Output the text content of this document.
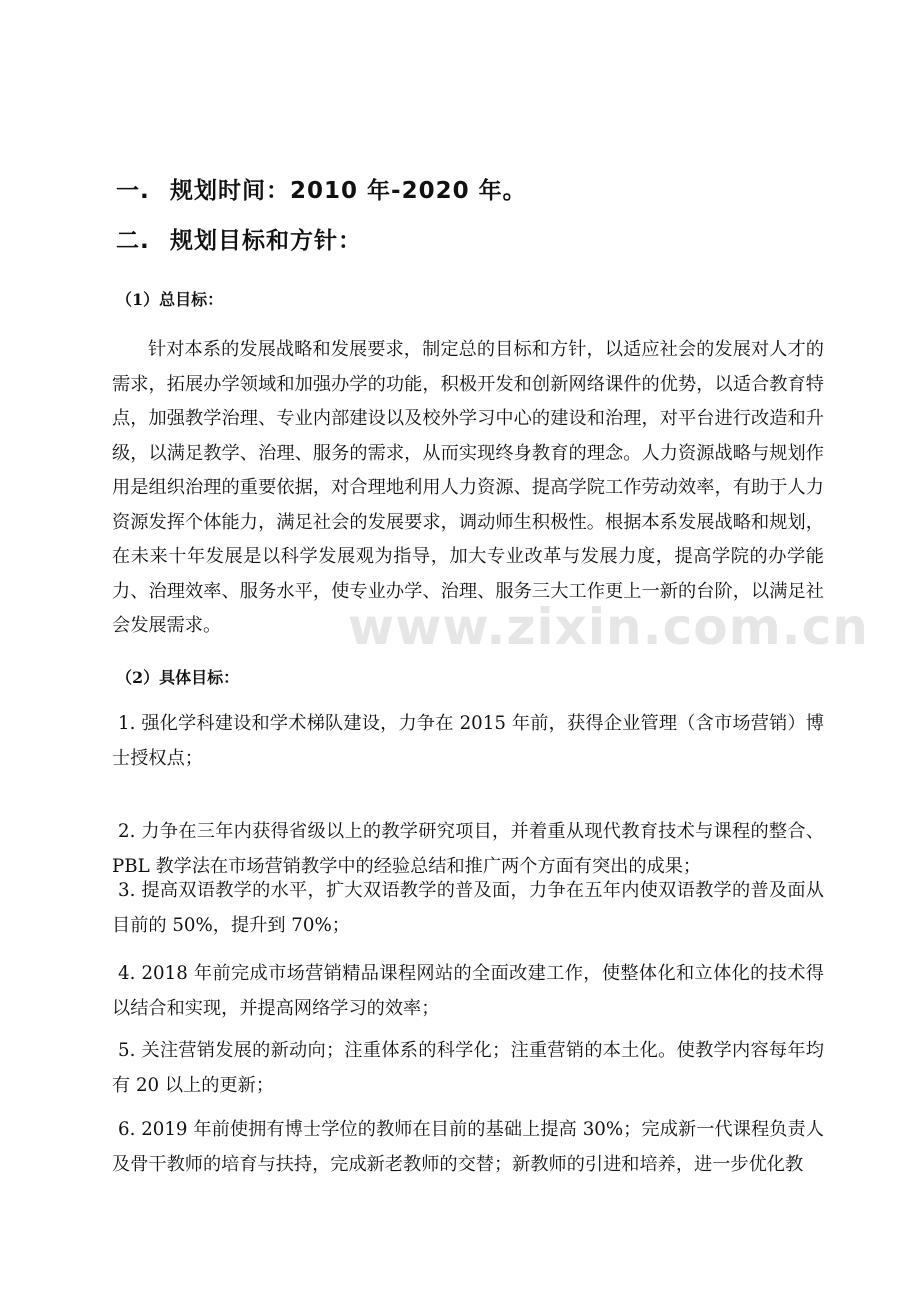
一. 规划时间：2010 年-2020 年。
二. 规划目标和方针：
（1）总目标：
针对本系的发展战略和发展要求，制定总的目标和方针，以适应社会的发展对人才的需求，拓展办学领域和加强办学的功能，积极开发和创新网络课件的优势，以适合教育特点，加强教学治理、专业内部建设以及校外学习中心的建设和治理，对平台进行改造和升级，以满足教学、治理、服务的需求，从而实现终身教育的理念。人力资源战略与规划作用是组织治理的重要依据，对合理地利用人力资源、提高学院工作劳动效率，有助于人力资源发挥个体能力，满足社会的发展要求，调动师生积极性。根据本系发展战略和规划，在未来十年发展是以科学发展观为指导，加大专业改革与发展力度，提高学院的办学能力、治理效率、服务水平，使专业办学、治理、服务三大工作更上一新的台阶，以满足社会发展需求。	www.zixin.com.cn
（2）具体目标：
1. 强化学科建设和学术梯队建设，力争在 2015 年前，获得企业管理（含市场营销）博士授权点；
2. 力争在三年内获得省级以上的教学研究项目，并着重从现代教育技术与课程的整合、PBL 教学法在市场营销教学中的经验总结和推广两个方面有突出的成果；
3. 提高双语教学的水平，扩大双语教学的普及面，力争在五年内使双语教学的普及面从目前的 50%，提升到 70%；
4. 2018 年前完成市场营销精品课程网站的全面改建工作，使整体化和立体化的技术得以结合和实现，并提高网络学习的效率；
5. 关注营销发展的新动向；注重体系的科学化；注重营销的本土化。使教学内容每年均有 20 以上的更新；
6. 2019 年前使拥有博士学位的教师在目前的基础上提高 30%；完成新一代课程负责人及骨干教师的培育与扶持，完成新老教师的交替；新教师的引进和培养，进一步优化教
